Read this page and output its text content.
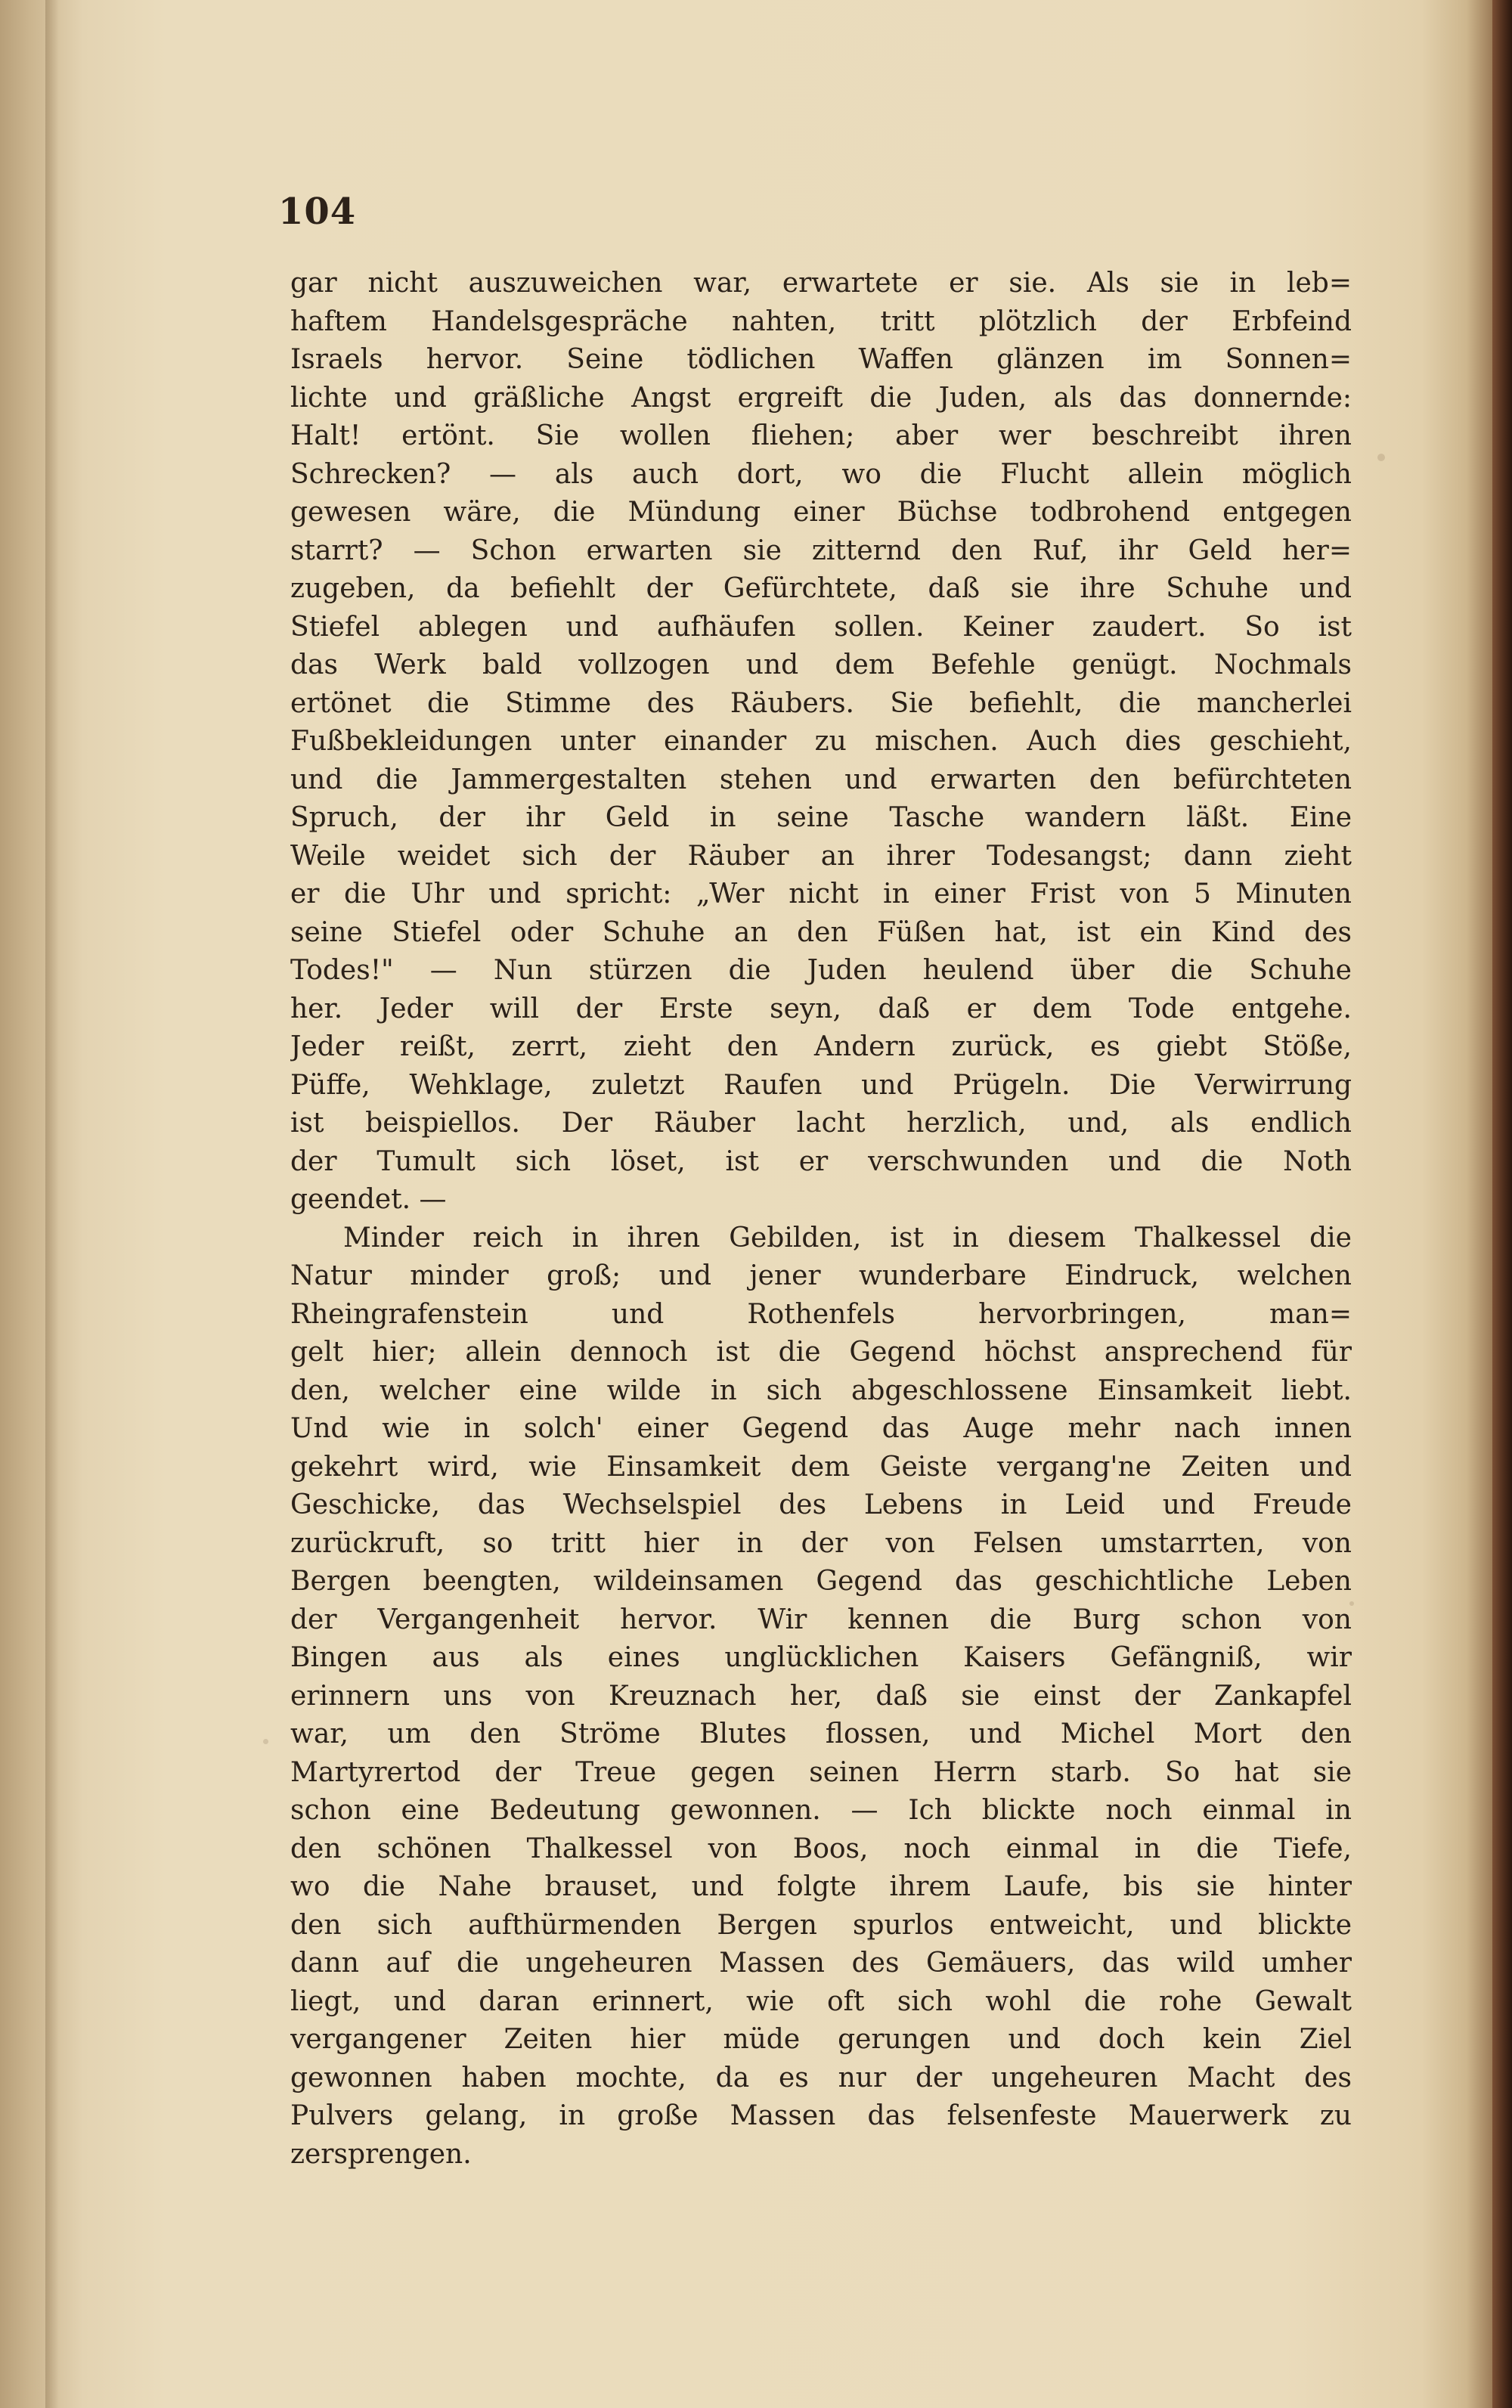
104
gar nicht auszuweichen war, erwartete er sie. Als sie in leb=
haftem Handelsgespräche nahten, tritt plötzlich der Erbfeind
Israels hervor. Seine tödlichen Waffen glänzen im Sonnen=
lichte und gräßliche Angst ergreift die Juden, als das donnernde:
Halt! ertönt. Sie wollen fliehen; aber wer beschreibt ihren
Schrecken? — als auch dort, wo die Flucht allein möglich
gewesen wäre, die Mündung einer Büchse todbrohend entgegen
starrt? — Schon erwarten sie zitternd den Ruf, ihr Geld her=
zugeben, da befiehlt der Gefürchtete, daß sie ihre Schuhe und
Stiefel ablegen und aufhäufen sollen. Keiner zaudert. So ist
das Werk bald vollzogen und dem Befehle genügt. Nochmals
ertönet die Stimme des Räubers. Sie befiehlt, die mancherlei
Fußbekleidungen unter einander zu mischen. Auch dies geschieht,
und die Jammergestalten stehen und erwarten den befürchteten
Spruch, der ihr Geld in seine Tasche wandern läßt. Eine
Weile weidet sich der Räuber an ihrer Todesangst; dann zieht
er die Uhr und spricht: „Wer nicht in einer Frist von 5 Minuten
seine Stiefel oder Schuhe an den Füßen hat, ist ein Kind des
Todes!" — Nun stürzen die Juden heulend über die Schuhe
her. Jeder will der Erste seyn, daß er dem Tode entgehe.
Jeder reißt, zerrt, zieht den Andern zurück, es giebt Stöße,
Püffe, Wehklage, zuletzt Raufen und Prügeln. Die Verwirrung
ist beispiellos. Der Räuber lacht herzlich, und, als endlich
der Tumult sich löset, ist er verschwunden und die Noth
geendet. —
Minder reich in ihren Gebilden, ist in diesem Thalkessel die
Natur minder groß; und jener wunderbare Eindruck, welchen
Rheingrafenstein und Rothenfels hervorbringen, man=
gelt hier; allein dennoch ist die Gegend höchst ansprechend für
den, welcher eine wilde in sich abgeschlossene Einsamkeit liebt.
Und wie in solch' einer Gegend das Auge mehr nach innen
gekehrt wird, wie Einsamkeit dem Geiste vergang'ne Zeiten und
Geschicke, das Wechselspiel des Lebens in Leid und Freude
zurückruft, so tritt hier in der von Felsen umstarrten, von
Bergen beengten, wildeinsamen Gegend das geschichtliche Leben
der Vergangenheit hervor. Wir kennen die Burg schon von
Bingen aus als eines unglücklichen Kaisers Gefängniß, wir
erinnern uns von Kreuznach her, daß sie einst der Zankapfel
war, um den Ströme Blutes flossen, und Michel Mort den
Martyrertod der Treue gegen seinen Herrn starb. So hat sie
schon eine Bedeutung gewonnen. — Ich blickte noch einmal in
den schönen Thalkessel von Boos, noch einmal in die Tiefe,
wo die Nahe brauset, und folgte ihrem Laufe, bis sie hinter
den sich aufthürmenden Bergen spurlos entweicht, und blickte
dann auf die ungeheuren Massen des Gemäuers, das wild umher
liegt, und daran erinnert, wie oft sich wohl die rohe Gewalt
vergangener Zeiten hier müde gerungen und doch kein Ziel
gewonnen haben mochte, da es nur der ungeheuren Macht des
Pulvers gelang, in große Massen das felsenfeste Mauerwerk zu
zersprengen.
